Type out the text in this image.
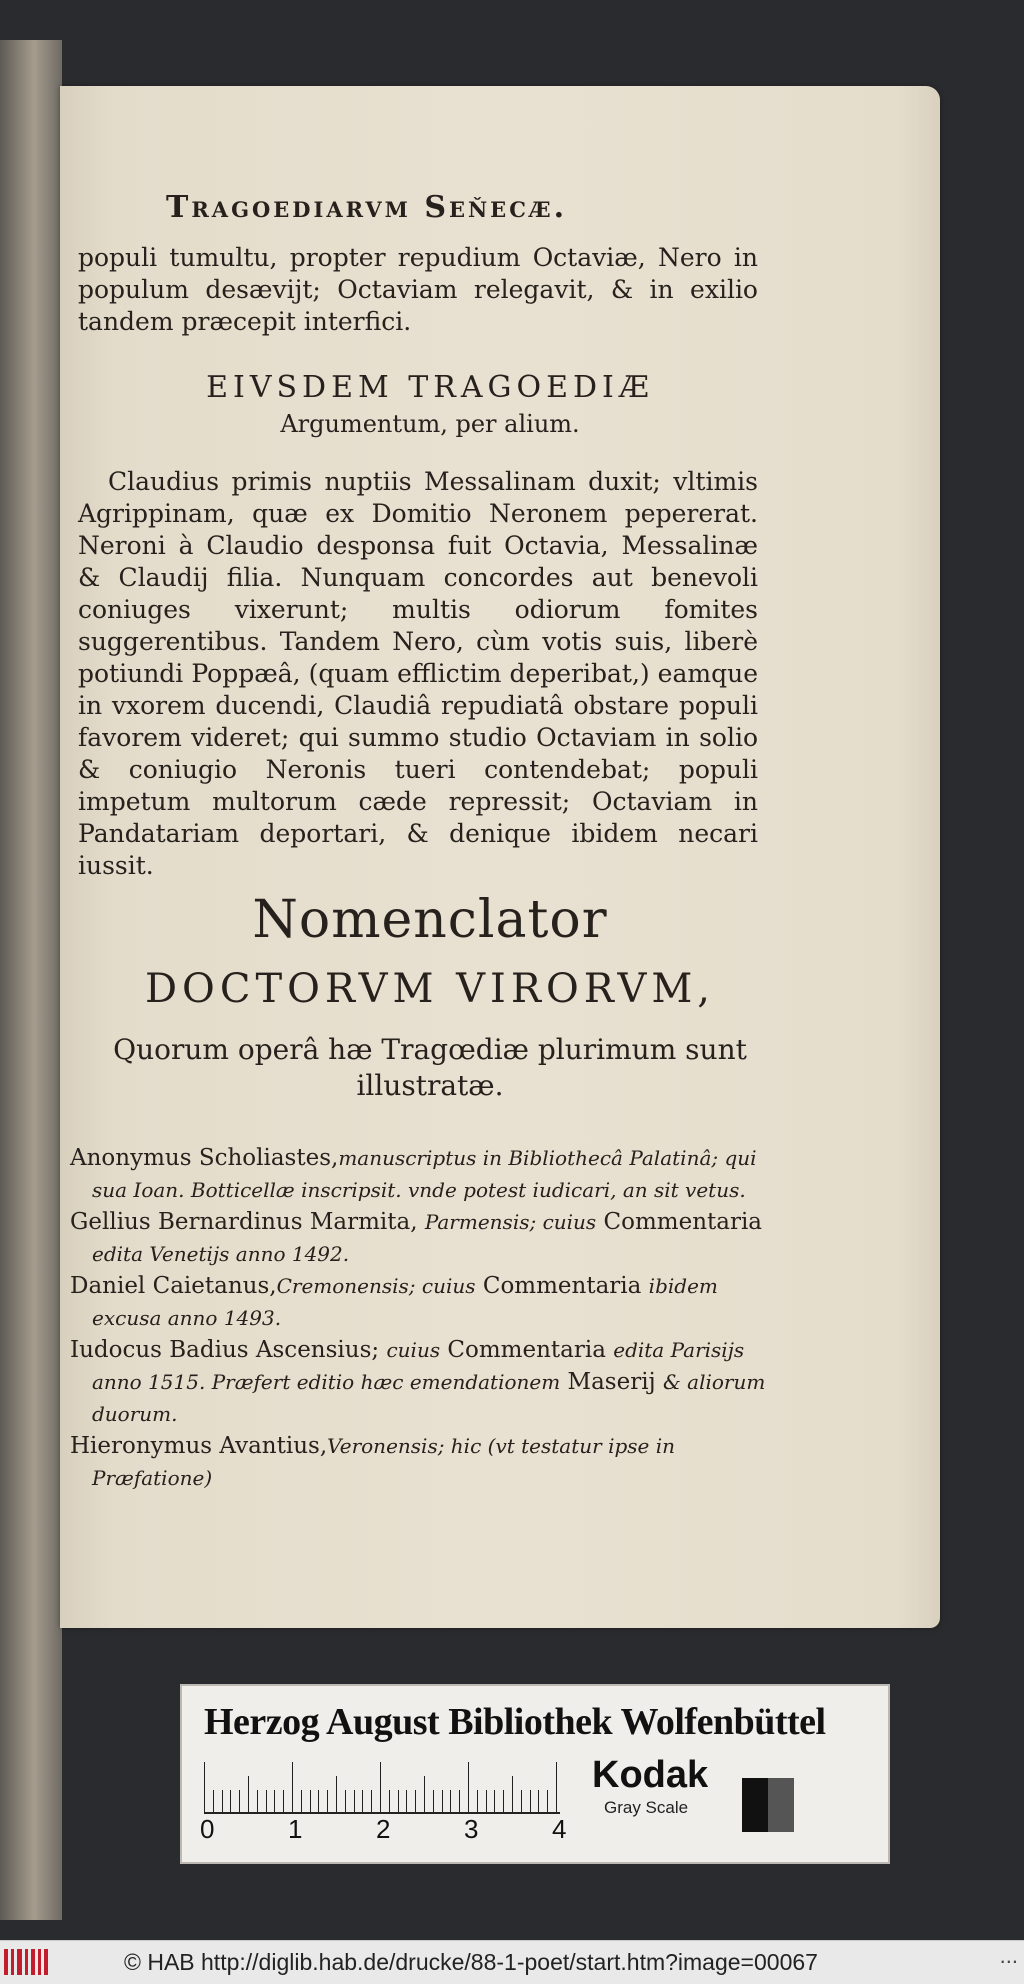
Tragoediarvm Seňecæ.
populi tumultu, propter repudium Octaviæ, Nero in populum desævijt; Octaviam relegavit, & in exilio tandem præcepit interfici.
EIVSDEM TRAGOEDIÆ
Argumentum, per alium.
Claudius primis nuptiis Messalinam duxit; vltimis Agrippinam, quæ ex Domitio Neronem pepererat. Neroni à Claudio desponsa fuit Octavia, Messalinæ & Claudij filia. Nunquam concordes aut benevoli coniuges vixerunt; multis odiorum fomites suggerentibus. Tandem Nero, cùm votis suis, liberè potiundi Poppæâ, (quam efflictim deperibat,) eamque in vxorem ducendi, Claudiâ repudiatâ obstare populi favorem videret; qui summo studio Octaviam in solio & coniugio Neronis tueri contendebat; populi impetum multorum cæde repressit; Octaviam in Pandatariam deportari, & denique ibidem necari iussit.
Nomenclator
DOCTORVM VIRORVM,
Quorum operâ hæ Tragœdiæ plurimum sunt illustratæ.

Anonymus Scholiastes,manuscriptus in Bibliothecâ Palatinâ; qui sua Ioan. Botticellæ inscripsit. vnde potest iudicari, an sit vetus.

Gellius Bernardinus Marmita, Parmensis; cuius Commentaria edita Venetijs anno 1492.

Daniel Caietanus,Cremonensis; cuius Commentaria ibidem excusa anno 1493.

Iudocus Badius Ascensius; cuius Commentaria edita Parisijs anno 1515. Præfert editio hæc emendationem Maserij & aliorum duorum.

Hieronymus Avantius,Veronensis; hic (vt testatur ipse in Præfatione)

Herzog August Bibliothek Wolfenbüttel
0	1	2	3	4
Kodak
Gray Scale
© HAB http://diglib.hab.de/drucke/88-1-poet/start.htm?image=00067	...
